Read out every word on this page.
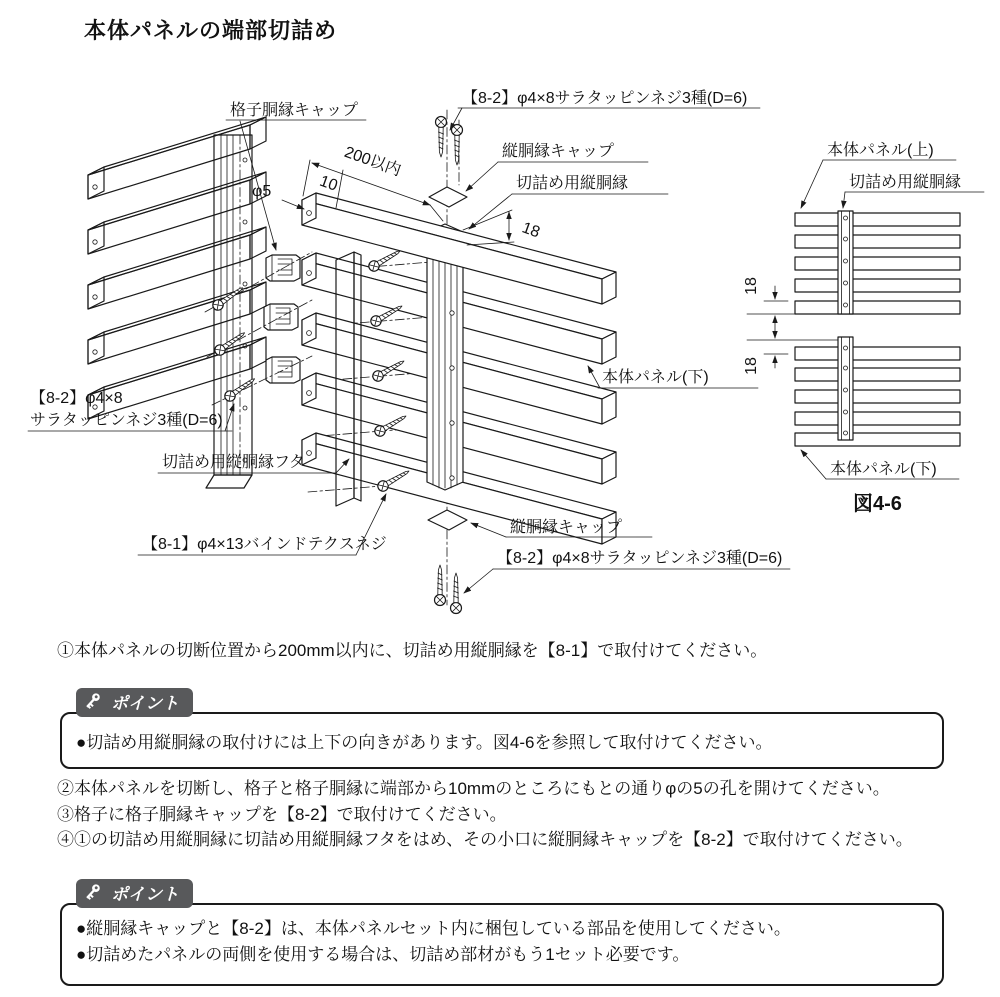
本体パネルの端部切詰め
200以内
10
φ5
18
格子胴縁キャップ
【8-2】φ4×8サラタッピンネジ3種(D=6)
縦胴縁キャップ
切詰め用縦胴縁
本体パネル(下)
【8-2】φ4×8
サラタッピンネジ3種(D=6)
切詰め用縦胴縁フタ
【8-1】φ4×13バインドテクスネジ
縦胴縁キャップ
【8-2】φ4×8サラタッピンネジ3種(D=6)
18
18
本体パネル(上)
切詰め用縦胴縁
本体パネル(下)
図4-6

①本体パネルの切断位置から200mm以内に、切詰め用縦胴縁を【8-1】で取付けてください。

ポイント

●切詰め用縦胴縁の取付けには上下の向きがあります。図4-6を参照して取付けてください。

②本体パネルを切断し、格子と格子胴縁に端部から10mmのところにもとの通りφの5の孔を開けてください。

③格子に格子胴縁キャップを【8-2】で取付けてください。

④①の切詰め用縦胴縁に切詰め用縦胴縁フタをはめ、その小口に縦胴縁キャップを【8-2】で取付けてください。

ポイント

●縦胴縁キャップと【8-2】は、本体パネルセット内に梱包している部品を使用してください。

●切詰めたパネルの両側を使用する場合は、切詰め部材がもう1セット必要です。
